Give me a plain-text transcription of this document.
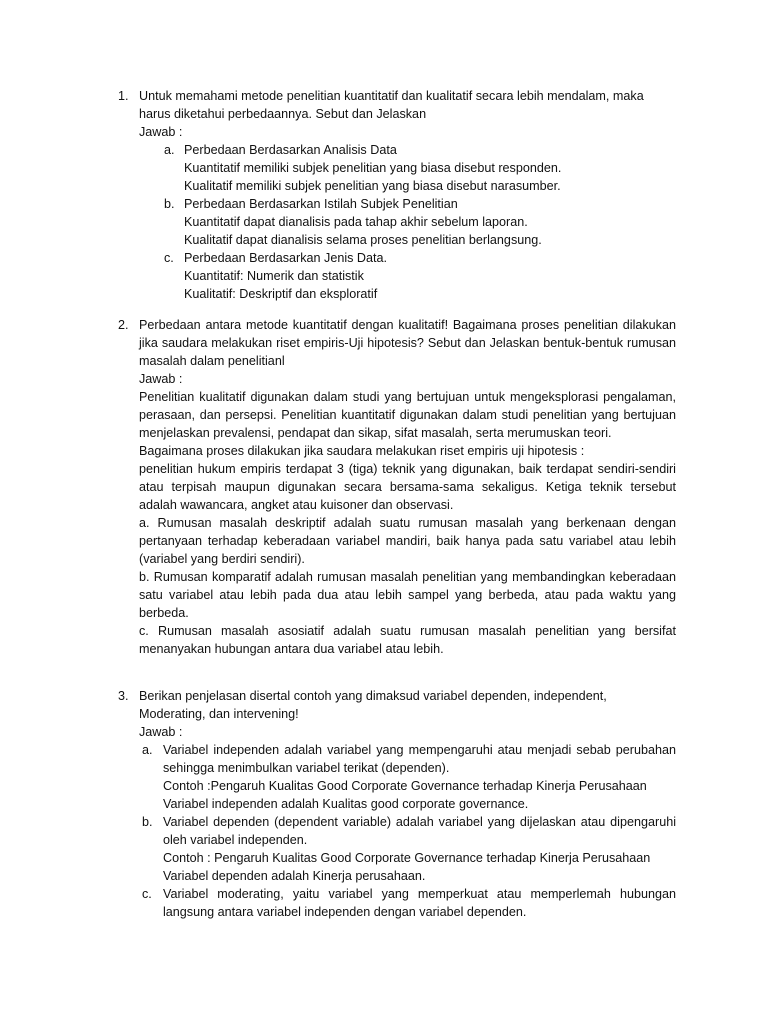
1. Untuk memahami metode penelitian kuantitatif dan kualitatif secara lebih mendalam, maka harus diketahui perbedaannya. Sebut dan Jelaskan
Jawab :
a. Perbedaan Berdasarkan Analisis Data
Kuantitatif memiliki subjek penelitian yang biasa disebut responden.
Kualitatif memiliki subjek penelitian yang biasa disebut narasumber.
b. Perbedaan Berdasarkan Istilah Subjek Penelitian
Kuantitatif dapat dianalisis pada tahap akhir sebelum laporan.
Kualitatif dapat dianalisis selama proses penelitian berlangsung.
c. Perbedaan Berdasarkan Jenis Data.
Kuantitatif: Numerik dan statistik
Kualitatif: Deskriptif dan eksploratif
2. Perbedaan antara metode kuantitatif dengan kualitatif! Bagaimana proses penelitian dilakukan jika saudara melakukan riset empiris-Uji hipotesis? Sebut dan Jelaskan bentuk-bentuk rumusan masalah dalam penelitianl
Jawab :
Penelitian kualitatif digunakan dalam studi yang bertujuan untuk mengeksplorasi pengalaman, perasaan, dan persepsi. Penelitian kuantitatif digunakan dalam studi penelitian yang bertujuan menjelaskan prevalensi, pendapat dan sikap, sifat masalah, serta merumuskan teori.
Bagaimana proses dilakukan jika saudara melakukan riset empiris uji hipotesis :
penelitian hukum empiris terdapat 3 (tiga) teknik yang digunakan, baik terdapat sendiri-sendiri atau terpisah maupun digunakan secara bersama-sama sekaligus. Ketiga teknik tersebut adalah wawancara, angket atau kuisoner dan observasi.
a. Rumusan masalah deskriptif adalah suatu rumusan masalah yang berkenaan dengan pertanyaan terhadap keberadaan variabel mandiri, baik hanya pada satu variabel atau lebih (variabel yang berdiri sendiri).
b. Rumusan komparatif adalah rumusan masalah penelitian yang membandingkan keberadaan satu variabel atau lebih pada dua atau lebih sampel yang berbeda, atau pada waktu yang berbeda.
c. Rumusan masalah asosiatif adalah suatu rumusan masalah penelitian yang bersifat menanyakan hubungan antara dua variabel atau lebih.
3. Berikan penjelasan disertal contoh yang dimaksud variabel dependen, independent,
Moderating, dan intervening!
Jawab :
a. Variabel independen adalah variabel yang mempengaruhi atau menjadi sebab perubahan sehingga menimbulkan variabel terikat (dependen).
Contoh :Pengaruh Kualitas Good Corporate Governance terhadap Kinerja Perusahaan
Variabel independen adalah Kualitas good corporate governance.
b. Variabel dependen (dependent variable) adalah variabel yang dijelaskan atau dipengaruhi oleh variabel independen.
Contoh : Pengaruh Kualitas Good Corporate Governance terhadap Kinerja Perusahaan
Variabel dependen adalah Kinerja perusahaan.
c. Variabel moderating, yaitu variabel yang memperkuat atau memperlemah hubungan langsung antara variabel independen dengan variabel dependen.
